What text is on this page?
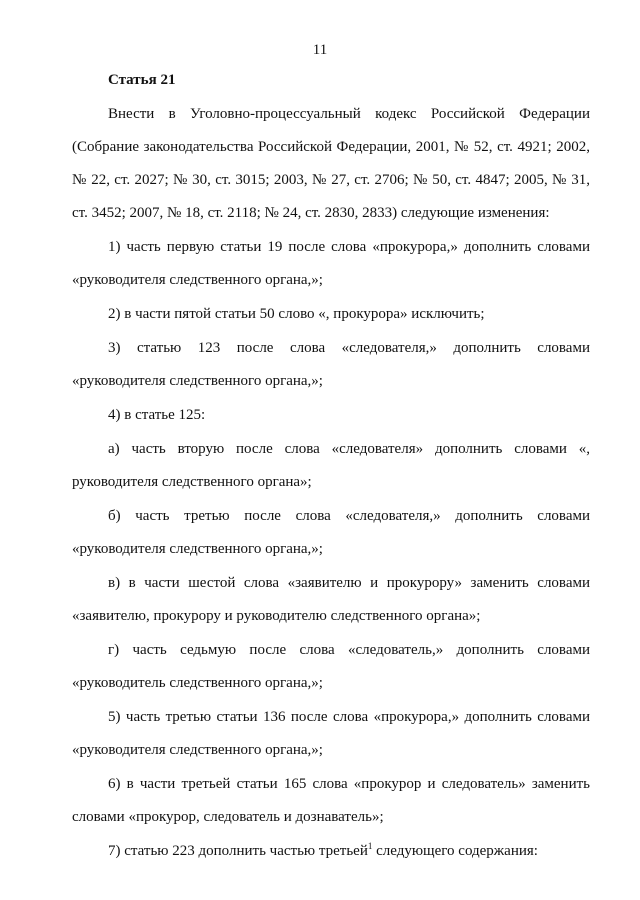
11

Статья 21

Внести в Уголовно-процессуальный кодекс Российской Федерации (Собрание законодательства Российской Федерации, 2001, № 52, ст. 4921; 2002, № 22, ст. 2027; № 30, ст. 3015; 2003, № 27, ст. 2706; № 50, ст. 4847; 2005, № 31, ст. 3452; 2007, № 18, ст. 2118; № 24, ст. 2830, 2833) следующие изменения:

1) часть первую статьи 19 после слова «прокурора,» дополнить словами «руководителя следственного органа,»;

2) в части пятой статьи 50 слово «, прокурора» исключить;

3) статью 123 после слова «следователя,» дополнить словами «руководителя следственного органа,»;

4) в статье 125:

а) часть вторую после слова «следователя» дополнить словами «, руководителя следственного органа»;

б) часть третью после слова «следователя,» дополнить словами «руководителя следственного органа,»;

в) в части шестой слова «заявителю и прокурору» заменить словами «заявителю, прокурору и руководителю следственного органа»;

г) часть седьмую после слова «следователь,» дополнить словами «руководитель следственного органа,»;

5) часть третью статьи 136 после слова «прокурора,» дополнить словами «руководителя следственного органа,»;

6) в части третьей статьи 165 слова «прокурор и следователь» заменить словами «прокурор, следователь и дознаватель»;

7) статью 223 дополнить частью третьей$^1$ следующего содержания:
